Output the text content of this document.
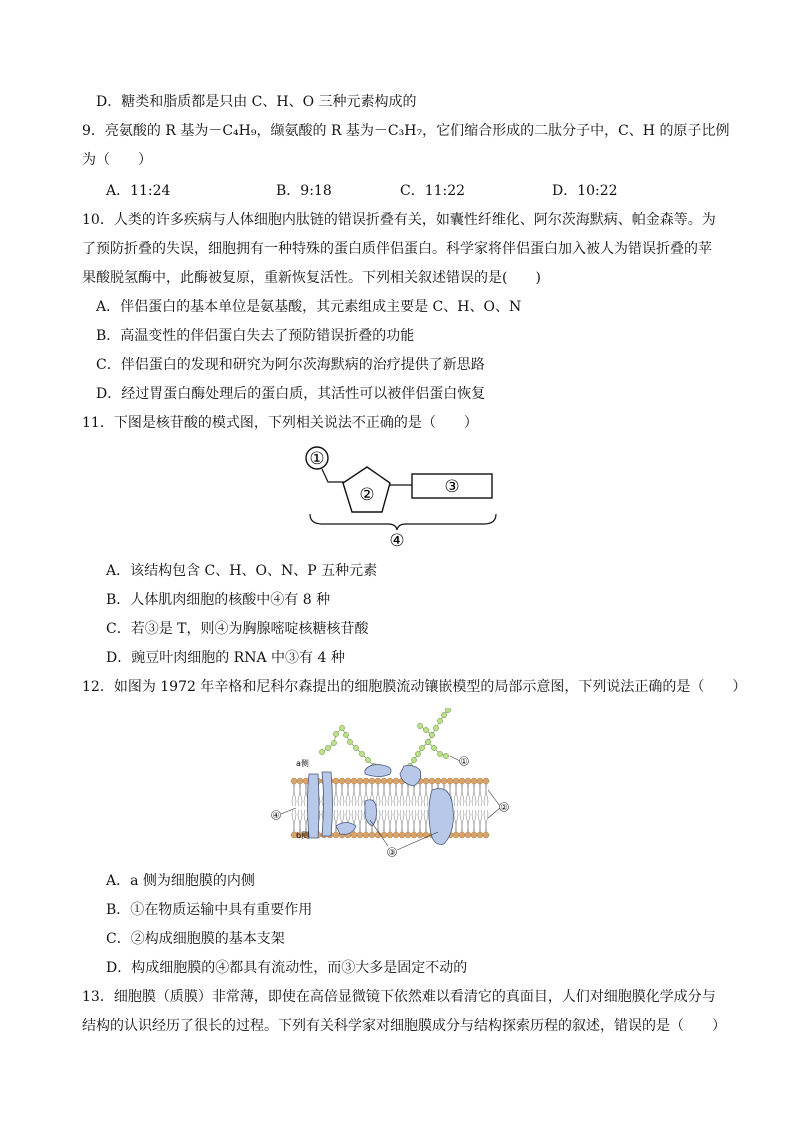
D．糖类和脂质都是只由 C、H、O 三种元素构成的
9．亮氨酸的 R 基为－C₄H₉，缬氨酸的 R 基为－C₃H₇，它们缩合形成的二肽分子中，C、H 的原子比例
为（　　）
A．11:24	B．9:18	C．11:22	D．10:22
10．人类的许多疾病与人体细胞内肽链的错误折叠有关，如囊性纤维化、阿尔茨海默病、帕金森等。为
了预防折叠的失误，细胞拥有一种特殊的蛋白质伴侣蛋白。科学家将伴侣蛋白加入被人为错误折叠的苹
果酸脱氢酶中，此酶被复原，重新恢复活性。下列相关叙述错误的是(　　)
A．伴侣蛋白的基本单位是氨基酸，其元素组成主要是 C、H、O、N
B．高温变性的伴侣蛋白失去了预防错误折叠的功能
C．伴侣蛋白的发现和研究为阿尔茨海默病的治疗提供了新思路
D．经过胃蛋白酶处理后的蛋白质，其活性可以被伴侣蛋白恢复
11．下图是核苷酸的模式图，下列相关说法不正确的是（　　）
①
②	③
④
A．该结构包含 C、H、O、N、P 五种元素
B．人体肌肉细胞的核酸中④有 8 种
C．若③是 T，则④为胸腺嘧啶核糖核苷酸
D．豌豆叶肉细胞的 RNA 中③有 4 种
12．如图为 1972 年辛格和尼科尔森提出的细胞膜流动镶嵌模型的局部示意图，下列说法正确的是（　　）
a侧
b侧
①
②
③
④
A．a 侧为细胞膜的内侧
B．①在物质运输中具有重要作用
C．②构成细胞膜的基本支架
D．构成细胞膜的④都具有流动性，而③大多是固定不动的
13．细胞膜（质膜）非常薄，即使在高倍显微镜下依然难以看清它的真面目，人们对细胞膜化学成分与
结构的认识经历了很长的过程。下列有关科学家对细胞膜成分与结构探索历程的叙述，错误的是（　　）
